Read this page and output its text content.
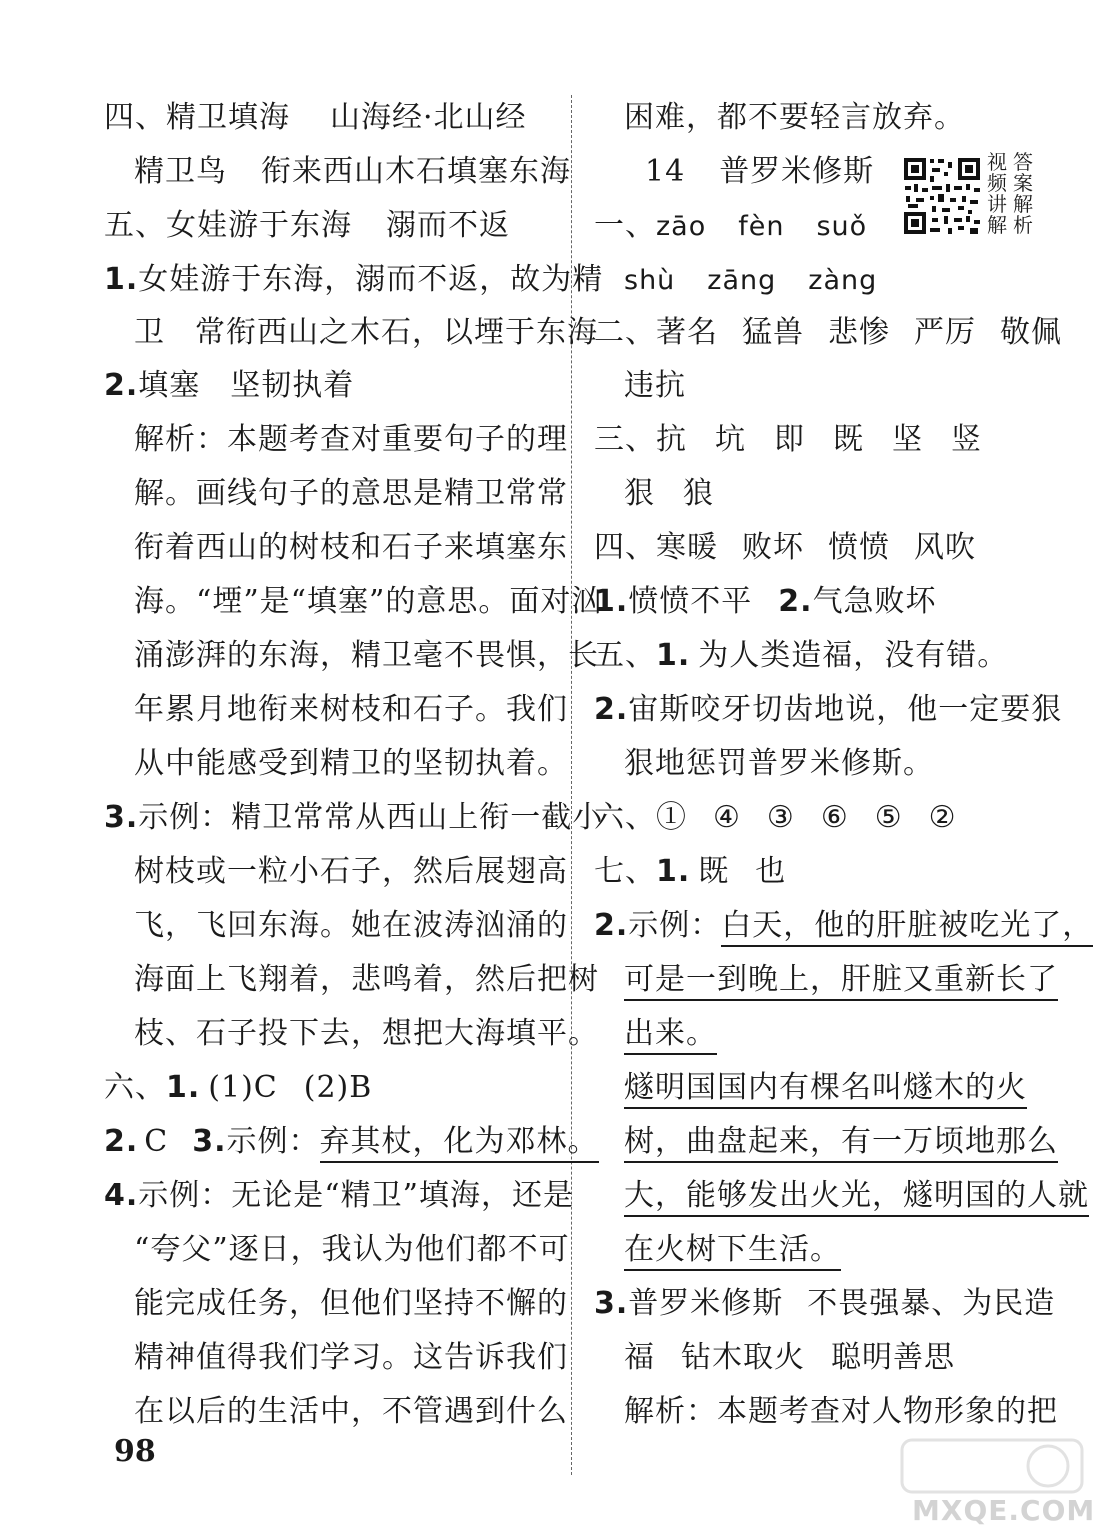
四、精卫填海 山海经·北山经
精卫鸟 衔来西山木石填塞东海
五、女娃游于东海 溺而不返
1.女娃游于东海，溺而不返，故为精
卫 常衔西山之木石，以堙于东海
2.填塞 坚韧执着
解析：本题考查对重要句子的理
解。画线句子的意思是精卫常常
衔着西山的树枝和石子来填塞东
海。“堙”是“填塞”的意思。面对汹
涌澎湃的东海，精卫毫不畏惧，长
年累月地衔来树枝和石子。我们
从中能感受到精卫的坚韧执着。
3.示例：精卫常常从西山上衔一截小
树枝或一粒小石子，然后展翅高
飞，飞回东海。她在波涛汹涌的
海面上飞翔着，悲鸣着，然后把树
枝、石子投下去，想把大海填平。
六、1. (1)C (2)B
2. C 3.示例：弃其杖，化为邓林。
4.示例：无论是“精卫”填海，还是
“夸父”逐日，我认为他们都不可
能完成任务，但他们坚持不懈的
精神值得我们学习。这告诉我们
在以后的生活中，不管遇到什么
98
困难，都不要轻言放弃。
14 普罗米修斯	视频讲解
答案解析
一、zāo fèn suǒ
shù zāng zàng
二、著名 猛兽 悲惨 严厉 敬佩
违抗
三、抗 坑 即 既 坚 竖
狠 狼
四、寒暖 败坏 愤愤 风吹
1.愤愤不平 2.气急败坏
五、1. 为人类造福，没有错。
2.宙斯咬牙切齿地说，他一定要狠
狠地惩罚普罗米修斯。
六、① ④ ③ ⑥ ⑤ ②
七、1. 既 也
2.示例：白天，他的肝脏被吃光了，
可是一到晚上，肝脏又重新长了
出来。
燧明国国内有棵名叫燧木的火
树，曲盘起来，有一万顷地那么
大，能够发出火光，燧明国的人就
在火树下生活。
3.普罗米修斯 不畏强暴、为民造
福 钻木取火 聪明善思
解析：本题考查对人物形象的把
MXQE.COM
